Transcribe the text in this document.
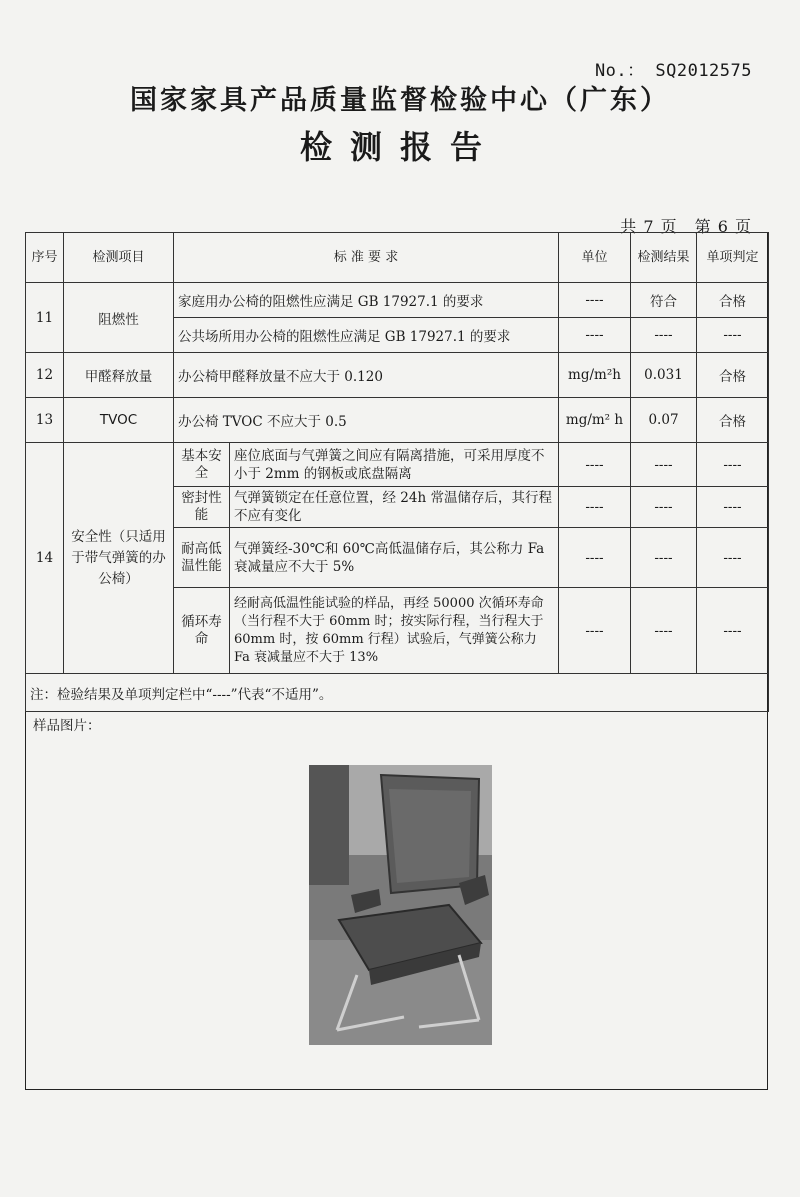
No.： SQ2012575
国家家具产品质量监督检验中心（广东）
检测报告
共 7 页　第 6 页
序号	检测项目	标 准 要 求		单位	检测结果	单项判定
11	阻燃性	家庭用办公椅的阻燃性应满足 GB 17927.1 的要求		----	符合	合格
		公共场所用办公椅的阻燃性应满足 GB 17927.1 的要求		----	----	----
12	甲醛释放量	办公椅甲醛释放量不应大于 0.120		mg/m²h	0.031	合格
13	TVOC	办公椅 TVOC 不应大于 0.5		mg/m² h	0.07	合格
14	安全性（只适用于带气弹簧的办公椅）	基本安全	座位底面与气弹簧之间应有隔离措施，可采用厚度不小于 2mm 的钢板或底盘隔离	----	----	----
		密封性能	气弹簧锁定在任意位置，经 24h 常温储存后，其行程不应有变化	----	----	----
		耐高低温性能	气弹簧经-30℃和 60℃高低温储存后，其公称力 Fa 衰减量应不大于 5%	----	----	----
		循环寿命	经耐高低温性能试验的样品，再经 50000 次循环寿命（当行程不大于 60mm 时；按实际行程，当行程大于 60mm 时，按 60mm 行程）试验后，气弹簧公称力 Fa 衰减量应不大于 13%	----	----	----
注：检验结果及单项判定栏中“----”代表“不适用”。						
样品图片：
